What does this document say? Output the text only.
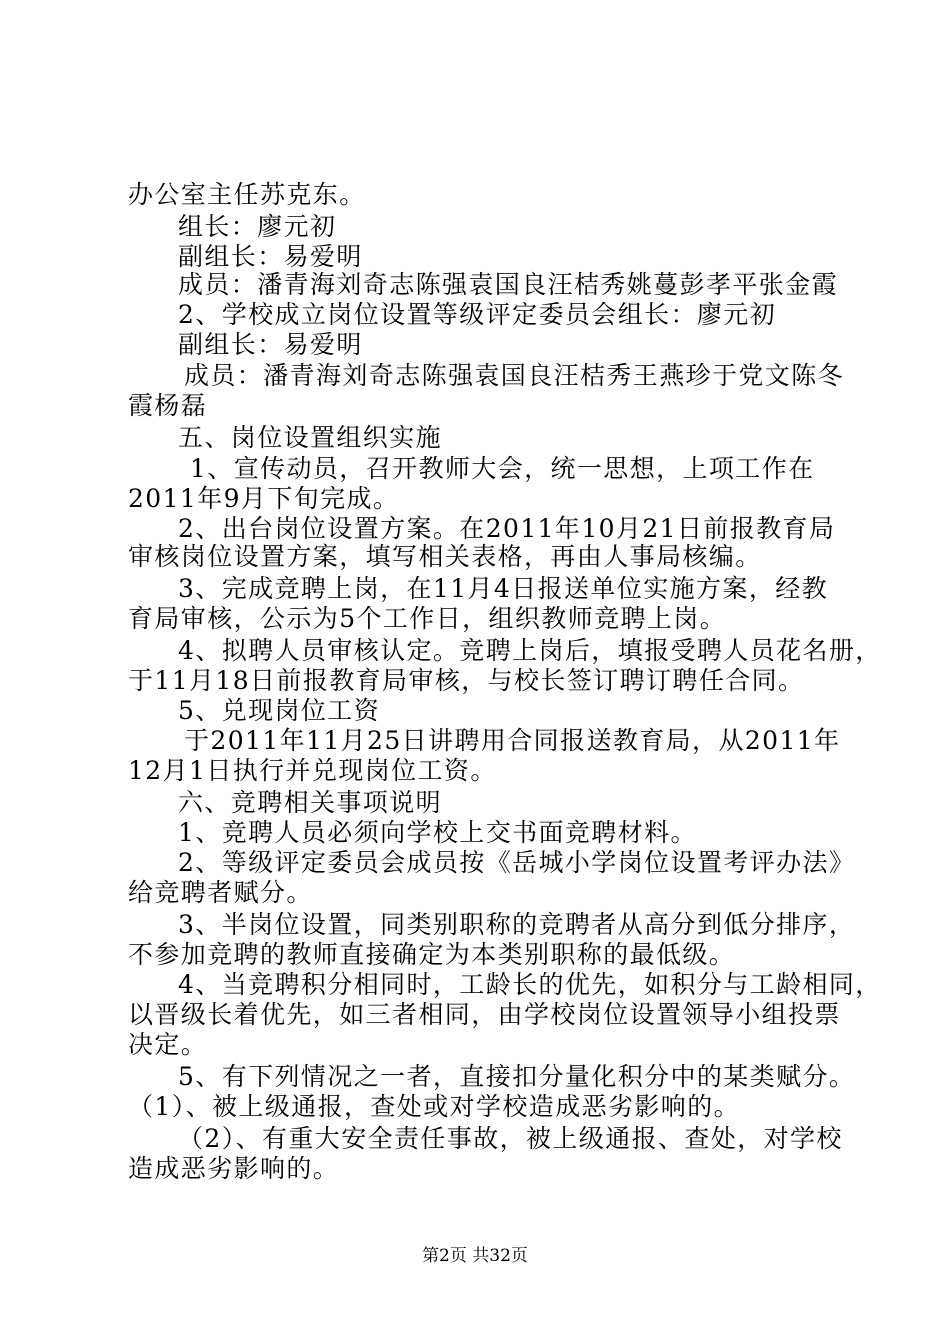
办公室主任苏克东。
组长：廖元初
副组长：易爱明
成员：潘青海刘奇志陈强袁国良汪桔秀姚蔓彭孝平张金霞
2、学校成立岗位设置等级评定委员会组长：廖元初
副组长：易爱明
成员：潘青海刘奇志陈强袁国良汪桔秀王燕珍于党文陈冬
霞杨磊
五、岗位设置组织实施
1、宣传动员，召开教师大会，统一思想，上项工作在
2011年9月下旬完成。
2、出台岗位设置方案。在2011年10月21日前报教育局
审核岗位设置方案，填写相关表格，再由人事局核编。
3、完成竞聘上岗，在11月4日报送单位实施方案，经教
育局审核，公示为5个工作日，组织教师竞聘上岗。
4、拟聘人员审核认定。竞聘上岗后，填报受聘人员花名册，
于11月18日前报教育局审核，与校长签订聘订聘任合同。
5、兑现岗位工资
于2011年11月25日讲聘用合同报送教育局，从2011年
12月1日执行并兑现岗位工资。
六、竞聘相关事项说明
1、竞聘人员必须向学校上交书面竞聘材料。
2、等级评定委员会成员按《岳城小学岗位设置考评办法》
给竞聘者赋分。
3、半岗位设置，同类别职称的竞聘者从高分到低分排序，
不参加竞聘的教师直接确定为本类别职称的最低级。
4、当竞聘积分相同时，工龄长的优先，如积分与工龄相同，
以晋级长着优先，如三者相同，由学校岗位设置领导小组投票
决定。
5、有下列情况之一者，直接扣分量化积分中的某类赋分。
（1）、被上级通报，查处或对学校造成恶劣影响的。
（2）、有重大安全责任事故，被上级通报、查处，对学校
造成恶劣影响的。
第2页 共32页
